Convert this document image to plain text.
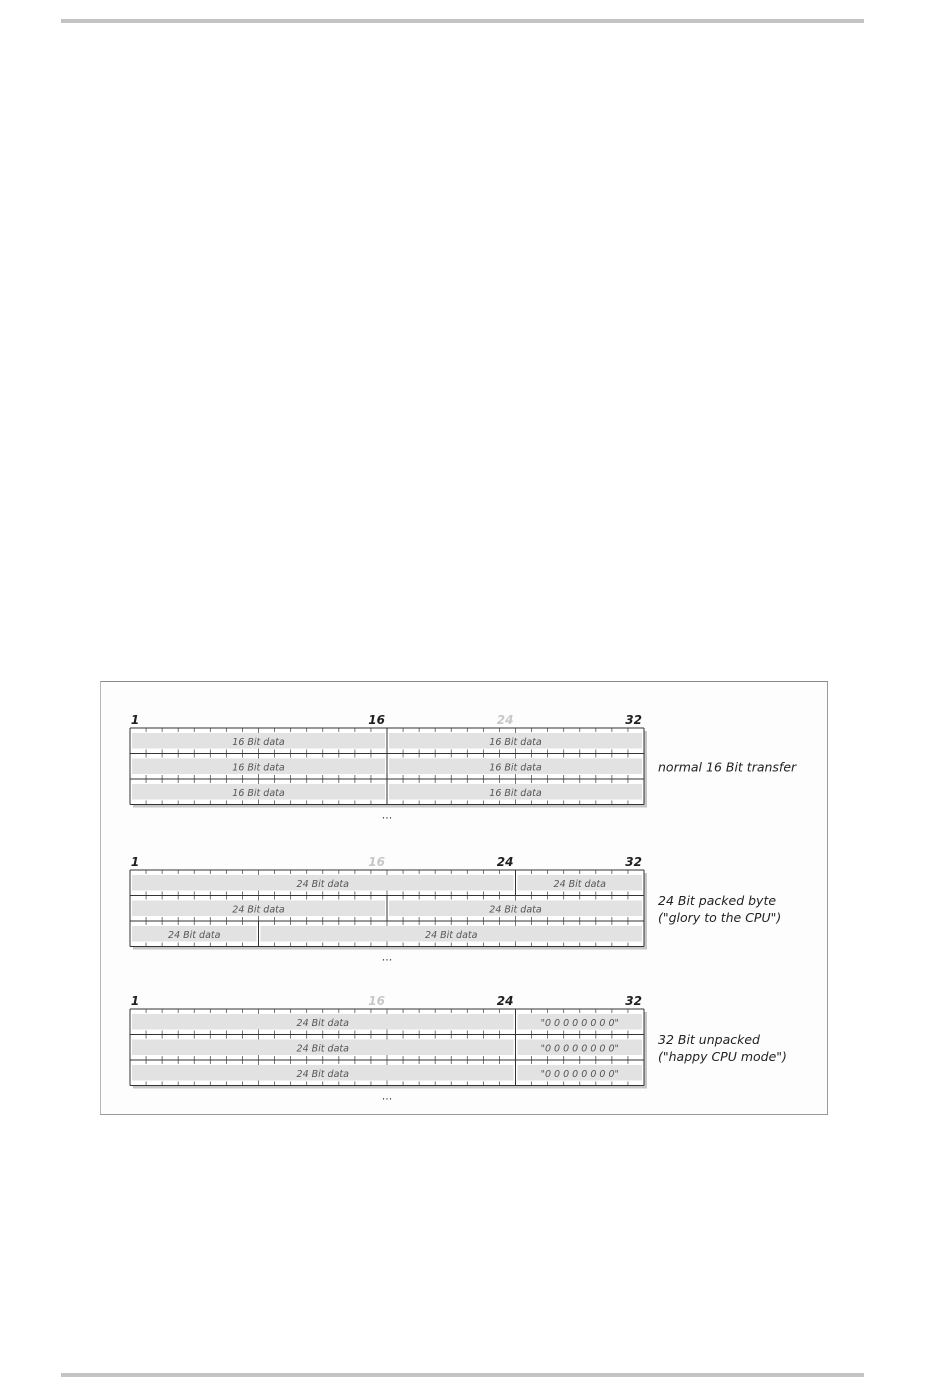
1	16	24	32
16 Bit data	16 Bit data
16 Bit data	16 Bit data
16 Bit data	16 Bit data
...
normal 16 Bit transfer
1	16	24	32
24 Bit data	24 Bit data
24 Bit data	24 Bit data
24 Bit data	24 Bit data
...
24 Bit packed byte
("glory to the CPU")
1	16	24	32
24 Bit data	"0 0 0 0 0 0 0 0"
24 Bit data	"0 0 0 0 0 0 0 0"
24 Bit data	"0 0 0 0 0 0 0 0"
...
32 Bit unpacked
("happy CPU mode")
